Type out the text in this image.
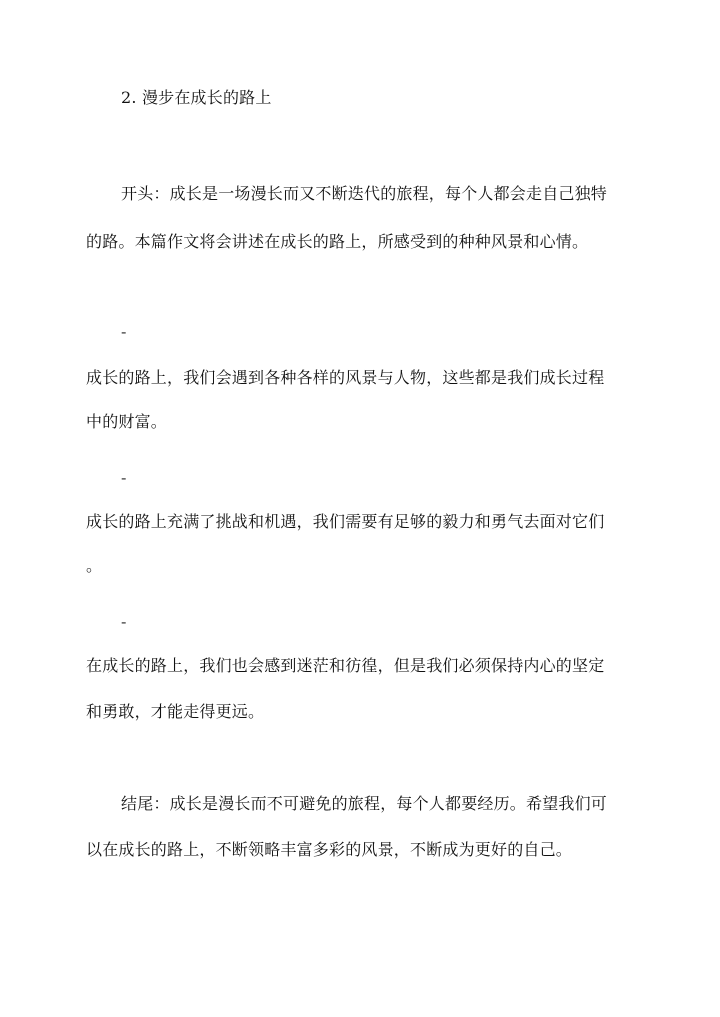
2. 漫步在成长的路上
开头：成长是一场漫长而又不断迭代的旅程，每个人都会走自己独特
的路。本篇作文将会讲述在成长的路上，所感受到的种种风景和心情。
-
成长的路上，我们会遇到各种各样的风景与人物，这些都是我们成长过程
中的财富。
-
成长的路上充满了挑战和机遇，我们需要有足够的毅力和勇气去面对它们
。
-
在成长的路上，我们也会感到迷茫和彷徨，但是我们必须保持内心的坚定
和勇敢，才能走得更远。
结尾：成长是漫长而不可避免的旅程，每个人都要经历。希望我们可
以在成长的路上，不断领略丰富多彩的风景，不断成为更好的自己。
